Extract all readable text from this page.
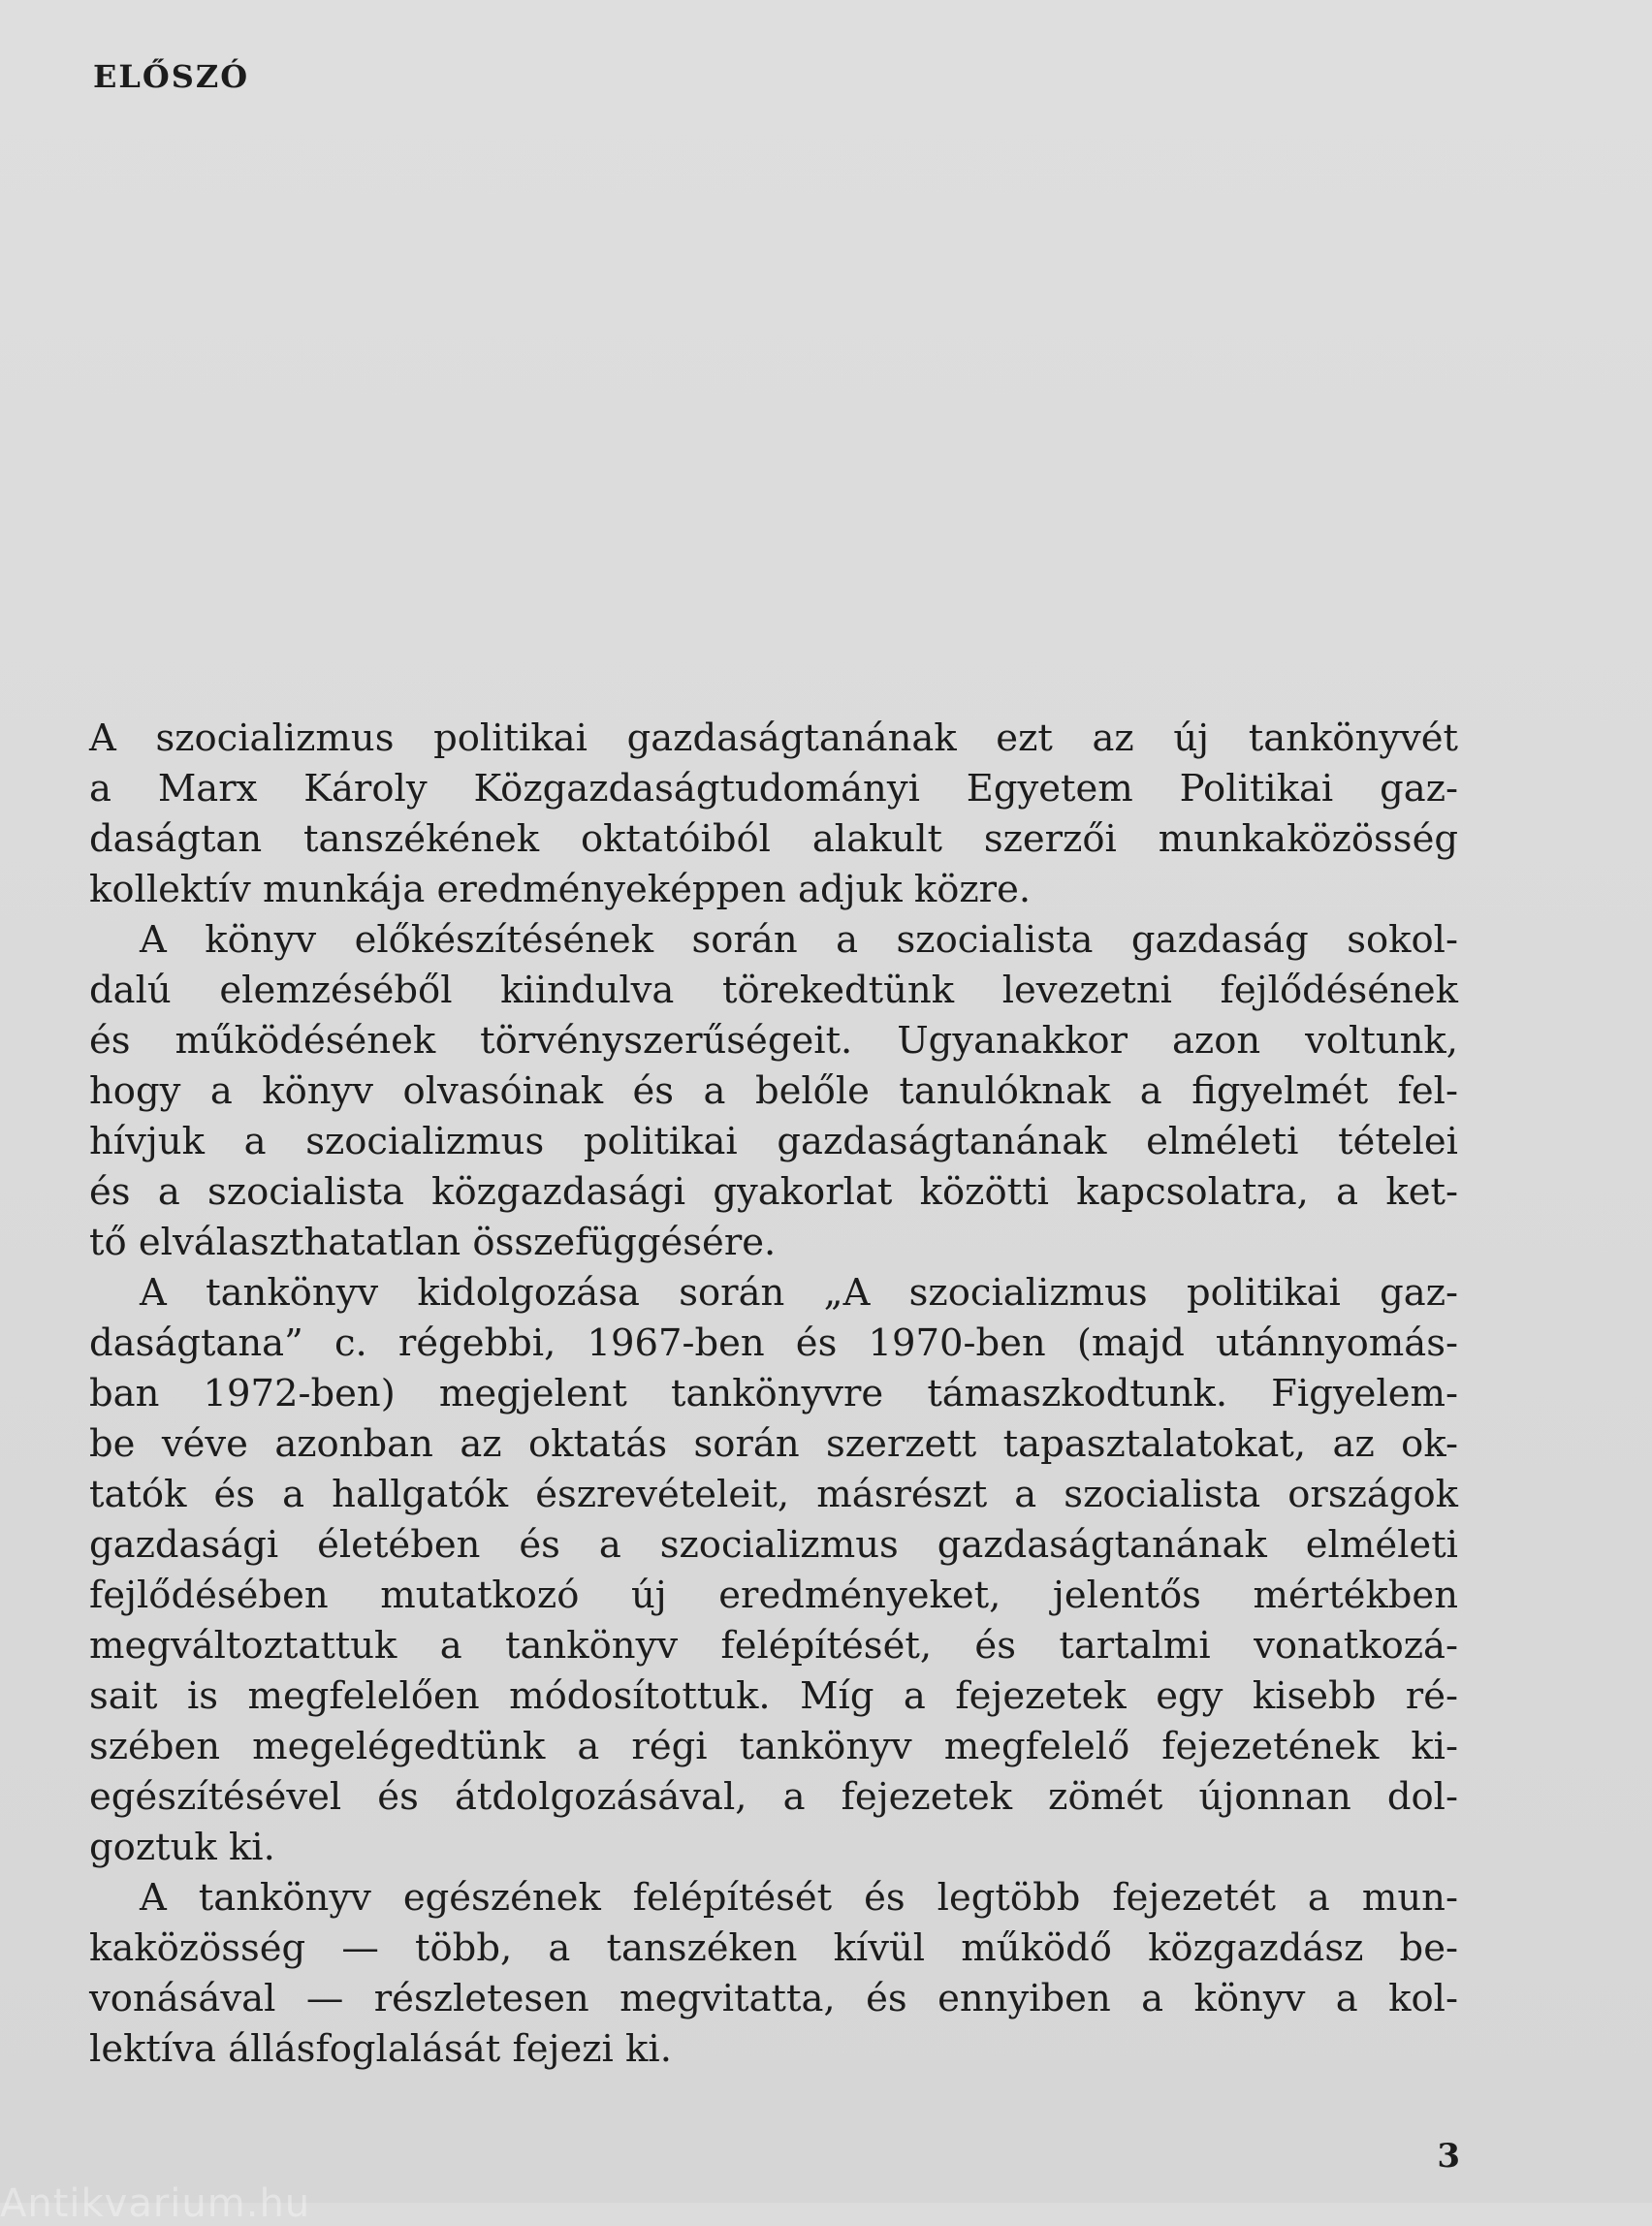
ELŐSZÓ
A szocializmus politikai gazdaságtanának ezt az új tankönyvét
a Marx Károly Közgazdaságtudományi Egyetem Politikai gaz-
daságtan tanszékének oktatóiból alakult szerzői munkaközösség
kollektív munkája eredményeképpen adjuk közre.
A könyv előkészítésének során a szocialista gazdaság sokol-
dalú elemzéséből kiindulva törekedtünk levezetni fejlődésének
és működésének törvényszerűségeit. Ugyanakkor azon voltunk,
hogy a könyv olvasóinak és a belőle tanulóknak a figyelmét fel-
hívjuk a szocializmus politikai gazdaságtanának elméleti tételei
és a szocialista közgazdasági gyakorlat közötti kapcsolatra, a ket-
tő elválaszthatatlan összefüggésére.
A tankönyv kidolgozása során „A szocializmus politikai gaz-
daságtana” c. régebbi, 1967-ben és 1970-ben (majd utánnyomás-
ban 1972-ben) megjelent tankönyvre támaszkodtunk. Figyelem-
be véve azonban az oktatás során szerzett tapasztalatokat, az ok-
tatók és a hallgatók észrevételeit, másrészt a szocialista országok
gazdasági életében és a szocializmus gazdaságtanának elméleti
fejlődésében mutatkozó új eredményeket, jelentős mértékben
megváltoztattuk a tankönyv felépítését, és tartalmi vonatkozá-
sait is megfelelően módosítottuk. Míg a fejezetek egy kisebb ré-
szében megelégedtünk a régi tankönyv megfelelő fejezetének ki-
egészítésével és átdolgozásával, a fejezetek zömét újonnan dol-
goztuk ki.
A tankönyv egészének felépítését és legtöbb fejezetét a mun-
kaközösség — több, a tanszéken kívül működő közgazdász be-
vonásával — részletesen megvitatta, és ennyiben a könyv a kol-
lektíva állásfoglalását fejezi ki.
3
Antikvarium.hu
